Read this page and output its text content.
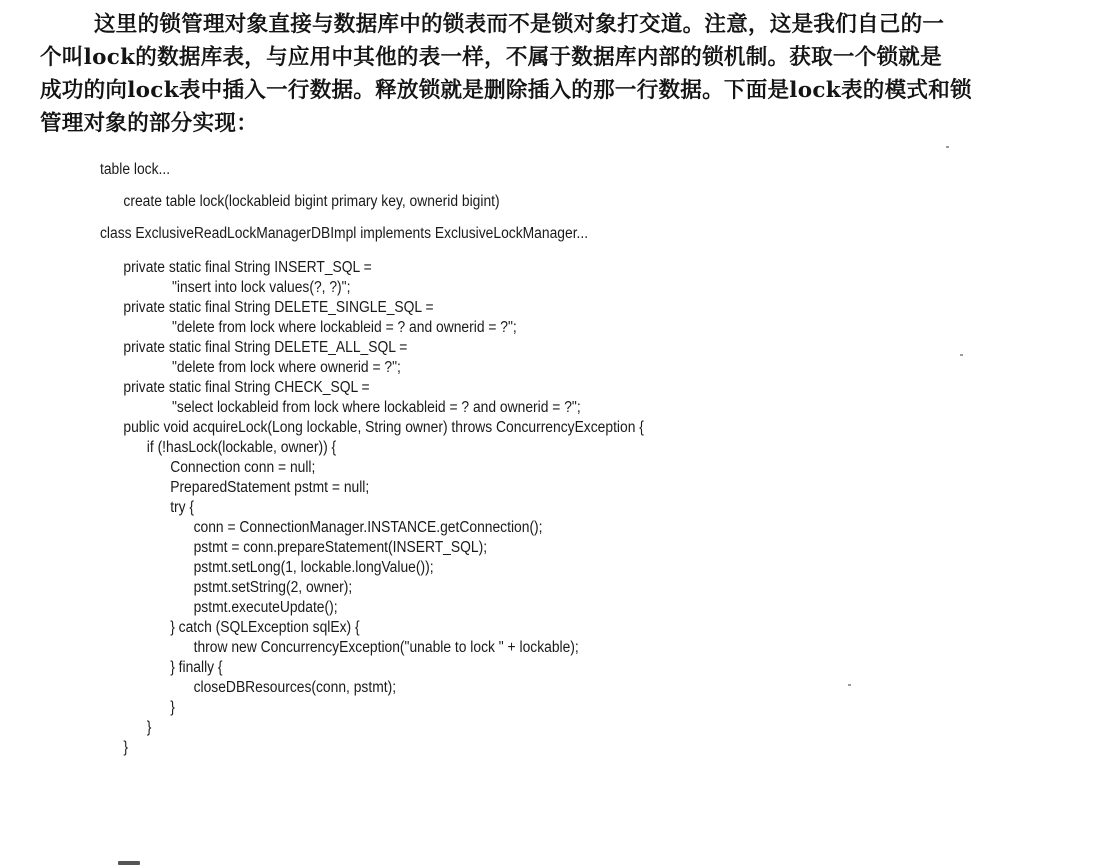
这里的锁管理对象直接与数据库中的锁表而不是锁对象打交道。注意，这是我们自己的一
个叫lock的数据库表，与应用中其他的表一样，不属于数据库内部的锁机制。获取一个锁就是
成功的向lock表中插入一行数据。释放锁就是删除插入的那一行数据。下面是lock表的模式和锁
管理对象的部分实现：
table lock...
create table lock(lockableid bigint primary key, ownerid bigint)
class ExclusiveReadLockManagerDBImpl implements ExclusiveLockManager...
private static final String INSERT_SQL =
"insert into lock values(?, ?)";
private static final String DELETE_SINGLE_SQL =
"delete from lock where lockableid = ? and ownerid = ?";
private static final String DELETE_ALL_SQL =
"delete from lock where ownerid = ?";
private static final String CHECK_SQL =
"select lockableid from lock where lockableid = ? and ownerid = ?";
public void acquireLock(Long lockable, String owner) throws ConcurrencyException {
if (!hasLock(lockable, owner)) {
Connection conn = null;
PreparedStatement pstmt = null;
try {
conn = ConnectionManager.INSTANCE.getConnection();
pstmt = conn.prepareStatement(INSERT_SQL);
pstmt.setLong(1, lockable.longValue());
pstmt.setString(2, owner);
pstmt.executeUpdate();
} catch (SQLException sqlEx) {
throw new ConcurrencyException("unable to lock " + lockable);
} finally {
closeDBResources(conn, pstmt);
}
}
}
